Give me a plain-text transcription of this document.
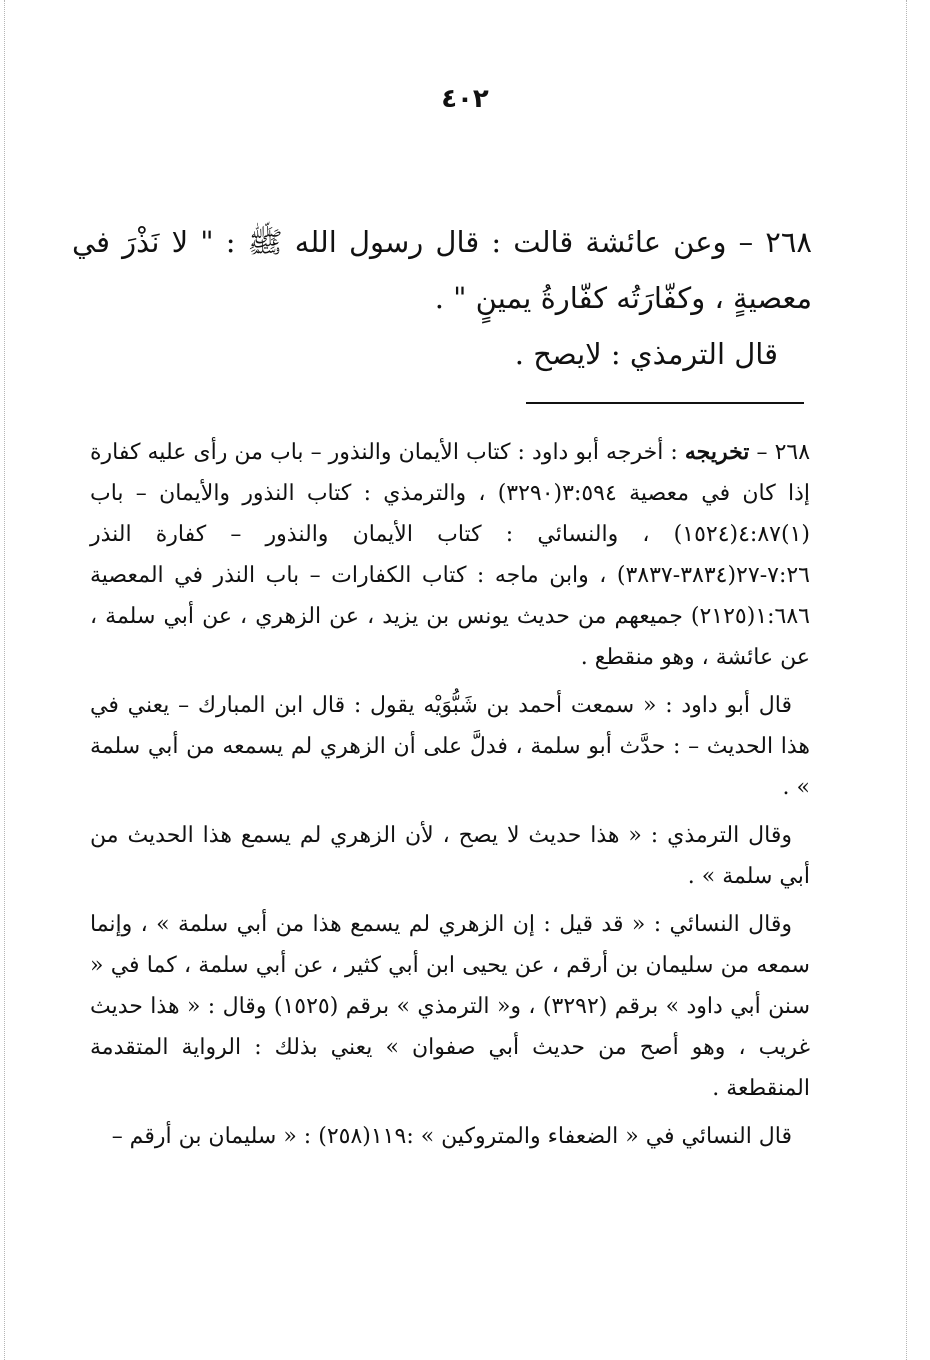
٤٠٢

٢٦٨ – وعن عائشة قالت : قال رسول الله ﷺ : " لا نَذْرَ في معصيةٍ ، وكفّارَتُه كفّارةُ يمينٍ " .

قال الترمذي : لايصح .

٢٦٨ – تخريجه : أخرجه أبو داود : كتاب الأيمان والنذور – باب من رأى عليه كفارة إذا كان في معصية ٣:٥٩٤(٣٢٩٠) ، والترمذي : كتاب النذور والأيمان – باب (١)٤:٨٧(١٥٢٤) ، والنسائي : كتاب الأيمان والنذور – كفارة النذر ٧:٢٦-٢٧(٣٨٣٤-٣٨٣٧) ، وابن ماجه : كتاب الكفارات – باب النذر في المعصية ١:٦٨٦(٢١٢٥) جميعهم من حديث يونس بن يزيد ، عن الزهري ، عن أبي سلمة ، عن عائشة ، وهو منقطع .

قال أبو داود : « سمعت أحمد بن شَبُّوَيْه يقول : قال ابن المبارك – يعني في هذا الحديث – : حدَّث أبو سلمة ، فدلَّ على أن الزهري لم يسمعه من أبي سلمة » .

وقال الترمذي : « هذا حديث لا يصح ، لأن الزهري لم يسمع هذا الحديث من أبي سلمة » .

وقال النسائي : « قد قيل : إن الزهري لم يسمع هذا من أبي سلمة » ، وإنما سمعه من سليمان بن أرقم ، عن يحيى ابن أبي كثير ، عن أبي سلمة ، كما في « سنن أبي داود » برقم (٣٢٩٢) ، و« الترمذي » برقم (١٥٢٥) وقال : « هذا حديث غريب ، وهو أصح من حديث أبي صفوان » يعني بذلك : الرواية المتقدمة المنقطعة .

قال النسائي في « الضعفاء والمتروكين » :١١٩(٢٥٨) : « سليمان بن أرقم –
